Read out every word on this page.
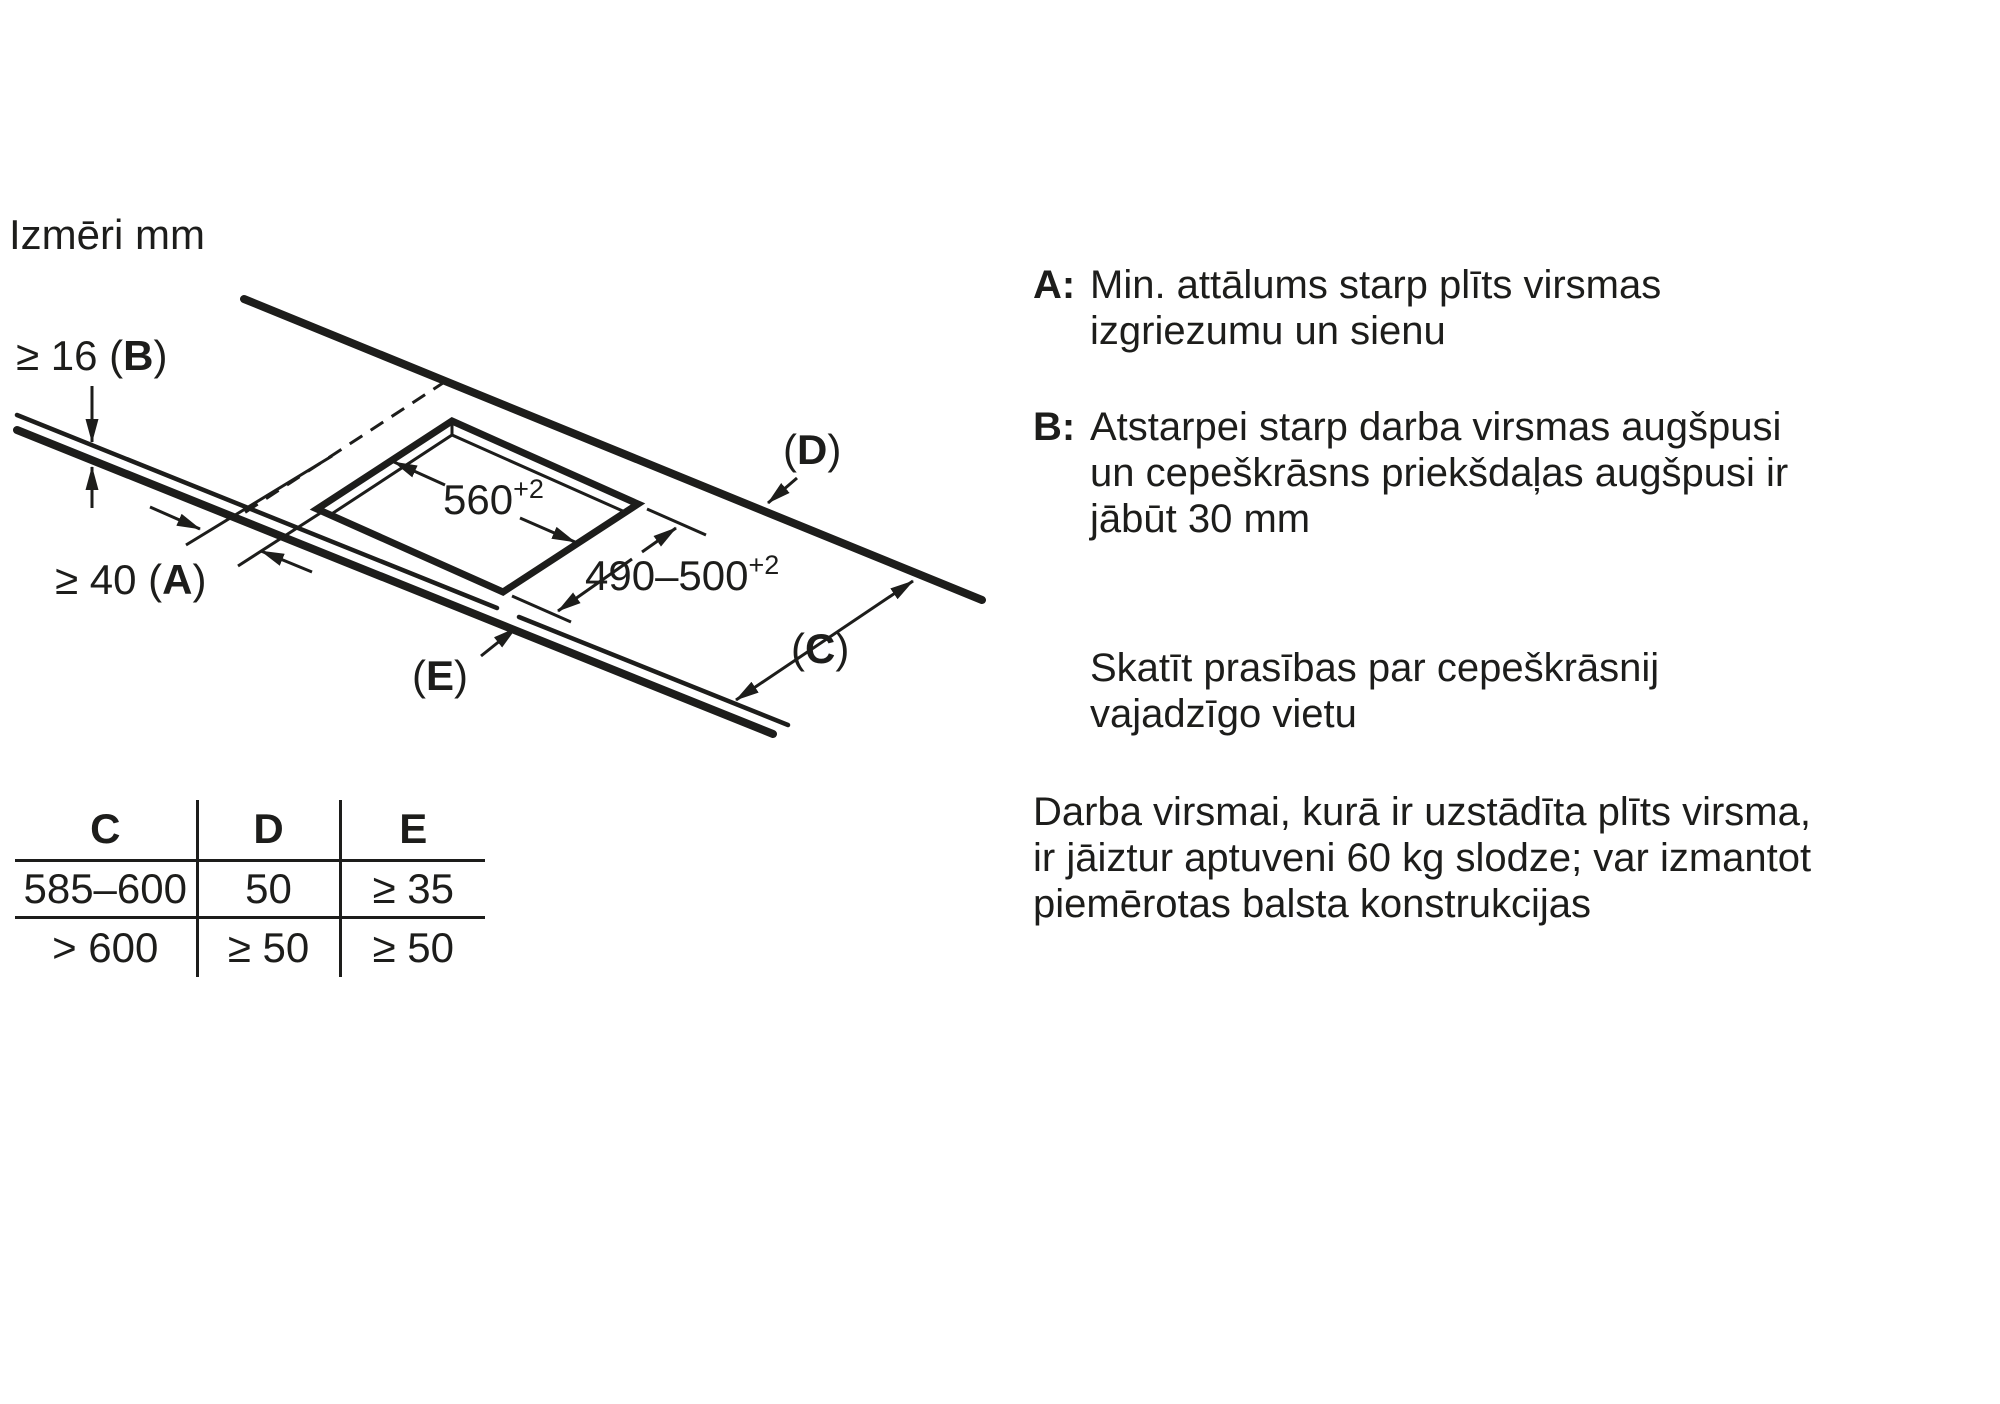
Izmēri mm
$560^{+2}$
$490-500^{+2}$
≥ 16 (B)
≥ 40 (A)
(C)
(D)
(E)
A: Min. attālums starp plīts virsmas
izgriezumu un sienu
B: Atstarpei starp darba virsmas augšpusi
un cepeškrāsns priekšdaļas augšpusi ir
jābūt 30 mm
Skatīt prasības par cepeškrāsnij
vajadzīgo vietu
Darba virsmai, kurā ir uzstādīta plīts virsma,
ir jāiztur aptuveni 60 kg slodze; var izmantot
piemērotas balsta konstrukcijas
C	D	E
585–600	50	≥ 35
> 600	≥ 50	≥ 50
